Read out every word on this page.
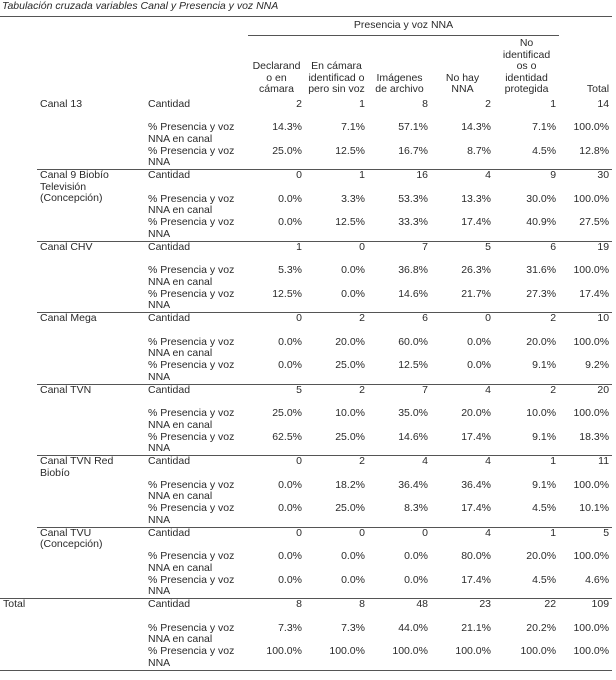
Tabulación cruzada variables Canal y Presencia y voz NNA
			Presencia y voz NNA					
			Declarand o en cámara	En cámara identificad o pero sin voz	Imágenes de archivo	No hay NNA	No identificad os o identidad protegida	Total
	Canal 13	Cantidad	2	1	8	2	1	14
		% Presencia y voz NNA en canal	14.3%	7.1%	57.1%	14.3%	7.1%	100.0%
		% Presencia y voz NNA	25.0%	12.5%	16.7%	8.7%	4.5%	12.8%
	Canal 9 Biobío Televisión (Concepción)	Cantidad	0	1	16	4	9	30
		% Presencia y voz NNA en canal	0.0%	3.3%	53.3%	13.3%	30.0%	100.0%
		% Presencia y voz NNA	0.0%	12.5%	33.3%	17.4%	40.9%	27.5%
	Canal CHV	Cantidad	1	0	7	5	6	19
		% Presencia y voz NNA en canal	5.3%	0.0%	36.8%	26.3%	31.6%	100.0%
		% Presencia y voz NNA	12.5%	0.0%	14.6%	21.7%	27.3%	17.4%
	Canal Mega	Cantidad	0	2	6	0	2	10
		% Presencia y voz NNA en canal	0.0%	20.0%	60.0%	0.0%	20.0%	100.0%
		% Presencia y voz NNA	0.0%	25.0%	12.5%	0.0%	9.1%	9.2%
	Canal TVN	Cantidad	5	2	7	4	2	20
		% Presencia y voz NNA en canal	25.0%	10.0%	35.0%	20.0%	10.0%	100.0%
		% Presencia y voz NNA	62.5%	25.0%	14.6%	17.4%	9.1%	18.3%
	Canal TVN Red Biobío	Cantidad	0	2	4	4	1	11
		% Presencia y voz NNA en canal	0.0%	18.2%	36.4%	36.4%	9.1%	100.0%
		% Presencia y voz NNA	0.0%	25.0%	8.3%	17.4%	4.5%	10.1%
	Canal TVU (Concepción)	Cantidad	0	0	0	4	1	5
		% Presencia y voz NNA en canal	0.0%	0.0%	0.0%	80.0%	20.0%	100.0%
		% Presencia y voz NNA	0.0%	0.0%	0.0%	17.4%	4.5%	4.6%
Total		Cantidad	8	8	48	23	22	109
		% Presencia y voz NNA en canal	7.3%	7.3%	44.0%	21.1%	20.2%	100.0%
		% Presencia y voz NNA	100.0%	100.0%	100.0%	100.0%	100.0%	100.0%
